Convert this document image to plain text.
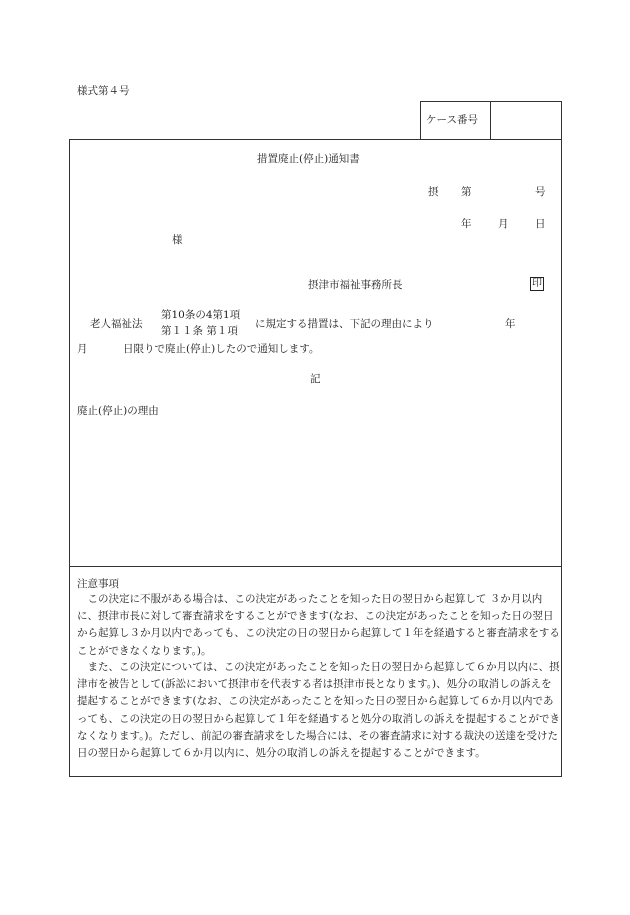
様式第４号
ケース番号
措置廃止(停止)通知書
摂 第	号
年	月	日
様
摂津市福祉事務所長	印
老人福祉法
第10条の4第1項
第１１条 第１項
に規定する措置は、下記の理由により	年
月	日限りで廃止(停止)したので通知します。
記
廃止(停止)の理由
注意事項
この決定に不服がある場合は、この決定があったことを知った日の翌日から起算して ３か月以内に、摂津市長に対して審査請求をすることができます(なお、この決定があったことを知った日の翌日から起算し３か月以内であっても、この決定の日の翌日から起算して１年を経過すると審査請求をすることができなくなります。)。
また、この決定については、この決定があったことを知った日の翌日から起算して６か月以内に、摂津市を被告として(訴訟において摂津市を代表する者は摂津市長となります。)、処分の取消しの訴えを提起することができます(なお、この決定があったことを知った日の翌日から起算して６か月以内であっても、この決定の日の翌日から起算して１年を経過すると処分の取消しの訴えを提起することができなくなります。)。ただし、前記の審査請求をした場合には、その審査請求に対する裁決の送達を受けた日の翌日から起算して６か月以内に、処分の取消しの訴えを提起することができます。
